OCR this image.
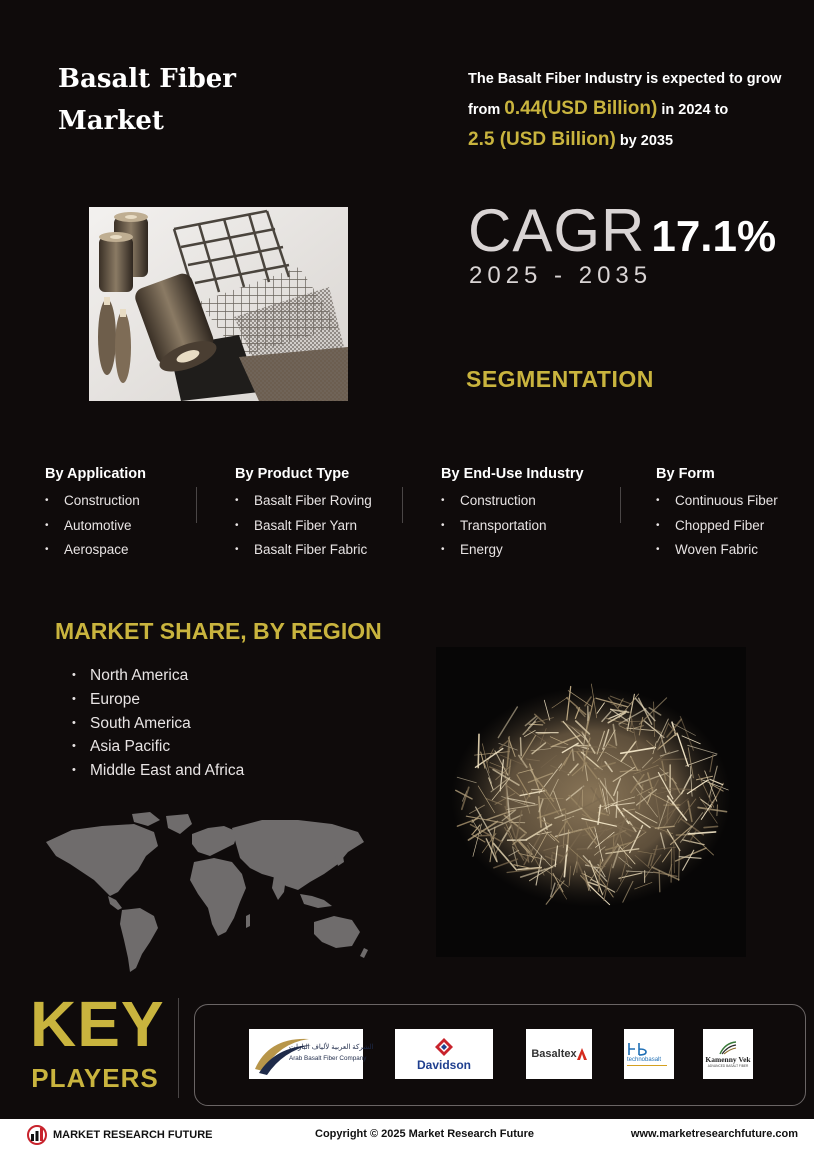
Basalt Fiber Market
The Basalt Fiber Industry is expected to grow
from 0.44(USD Billion) in 2024 to
2.5 (USD Billion) by 2035
CAGR 17.1%
2025 - 2035
SEGMENTATION
By Application
• Construction
• Automotive
• Aerospace
By Product Type
• Basalt Fiber Roving
• Basalt Fiber Yarn
• Basalt Fiber Fabric
By End-Use Industry
• Construction
• Transportation
• Energy
By Form
• Continuous Fiber
• Chopped Fiber
• Woven Fabric
MARKET SHARE, BY REGION
• North America
• Europe
• South America
• Asia Pacific
• Middle East and Africa
KEY
PLAYERS
الشركة العربية لألياف البازلت
Arab Basalt Fiber Company	Davidson
Basaltex	technobasalt	Kamenny Vek
ADVANCED BASALT FIBER
MARKET RESEARCH FUTURE	Copyright © 2025 Market Research Future	www.marketresearchfuture.com
